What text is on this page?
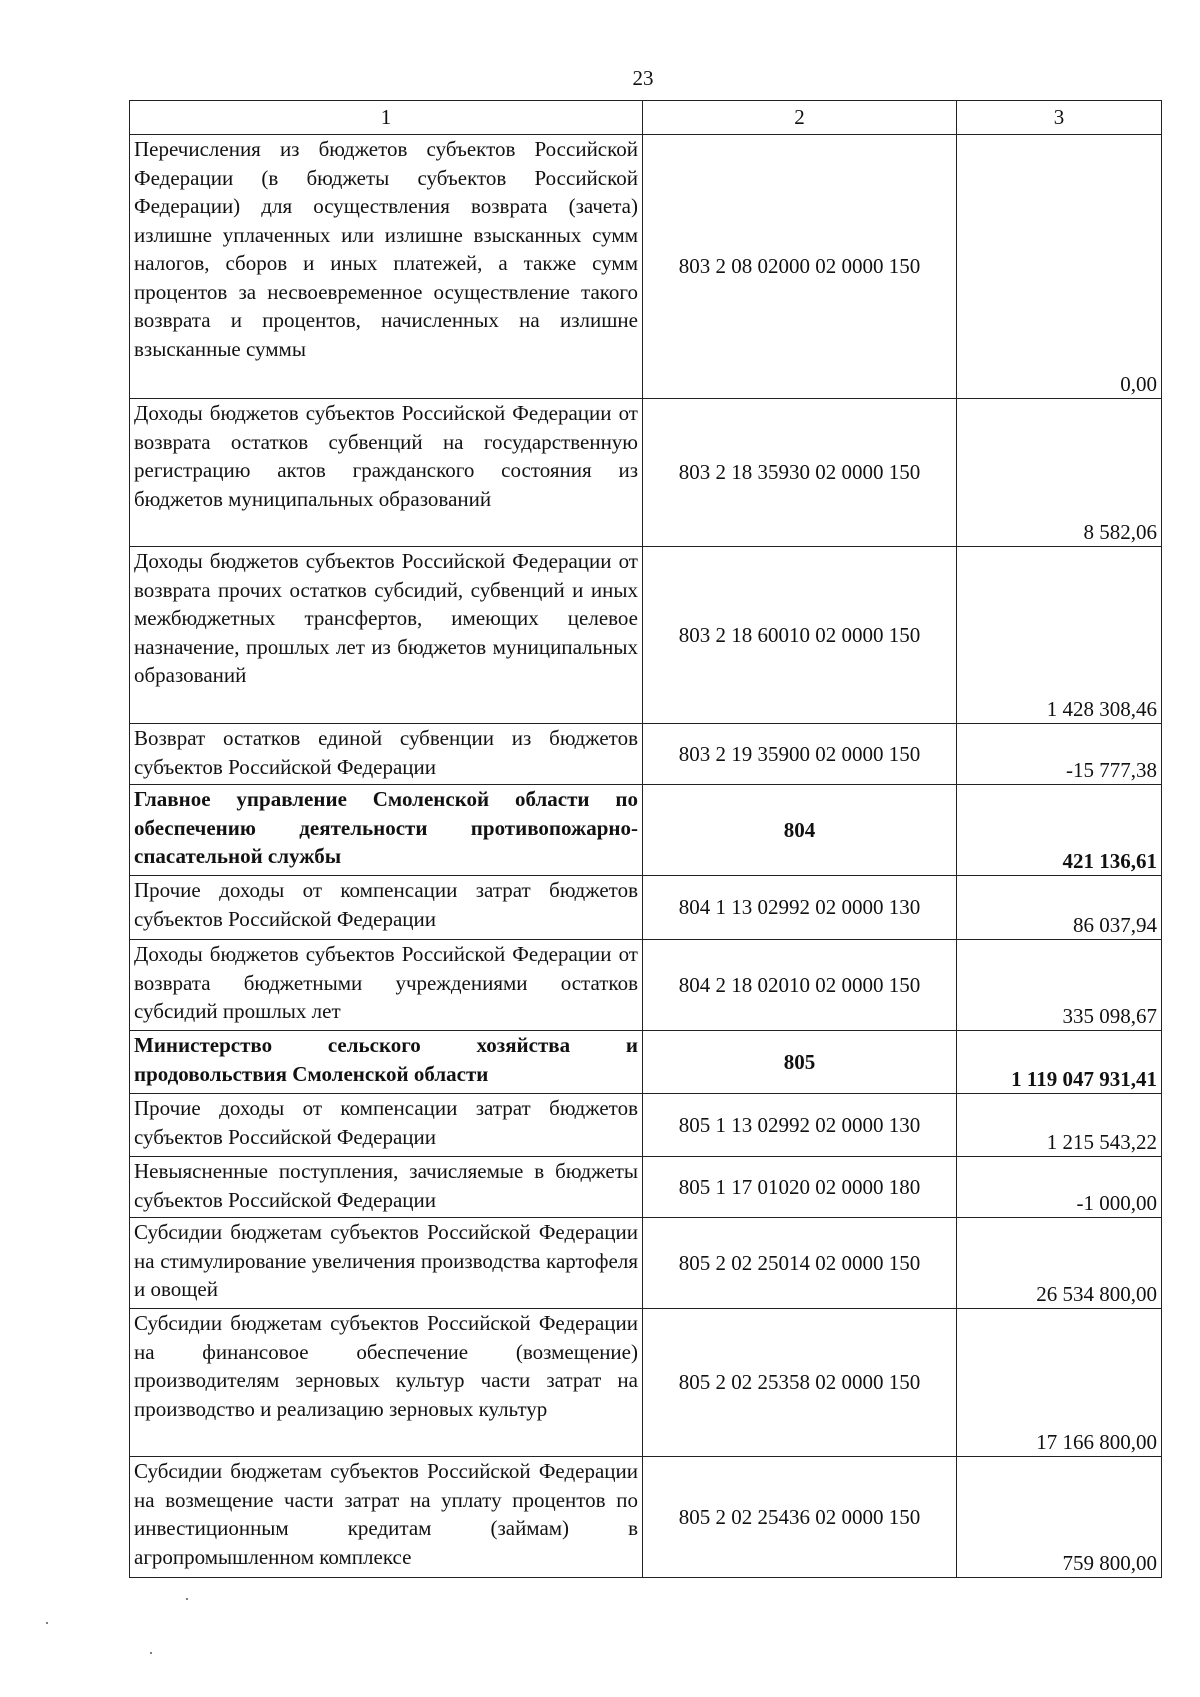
23
1	2	3
Перечисления из бюджетов субъектов Российской Федерации (в бюджеты субъектов Российской Федерации) для осуществления возврата (зачета) излишне уплаченных или излишне взысканных сумм налогов, сборов и иных платежей, а также сумм процентов за несвоевременное осуществление такого возврата и процентов, начисленных на излишне взысканные суммы	803 2 08 02000 02 0000 150	0,00
Доходы бюджетов субъектов Российской Федерации от возврата остатков субвенций на государственную регистрацию актов гражданского состояния из бюджетов муниципальных образований	803 2 18 35930 02 0000 150	8 582,06
Доходы бюджетов субъектов Российской Федерации от возврата прочих остатков субсидий, субвенций и иных межбюджетных трансфертов, имеющих целевое назначение, прошлых лет из бюджетов муниципальных образований	803 2 18 60010 02 0000 150	1 428 308,46
Возврат остатков единой субвенции из бюджетов субъектов Российской Федерации	803 2 19 35900 02 0000 150	-15 777,38
Главное управление Смоленской области по обеспечению деятельности противопожарно-спасательной службы	804	421 136,61
Прочие доходы от компенсации затрат бюджетов субъектов Российской Федерации	804 1 13 02992 02 0000 130	86 037,94
Доходы бюджетов субъектов Российской Федерации от возврата бюджетными учреждениями остатков субсидий прошлых лет	804 2 18 02010 02 0000 150	335 098,67
Министерство сельского хозяйства и продовольствия Смоленской области	805	1 119 047 931,41
Прочие доходы от компенсации затрат бюджетов субъектов Российской Федерации	805 1 13 02992 02 0000 130	1 215 543,22
Невыясненные поступления, зачисляемые в бюджеты субъектов Российской Федерации	805 1 17 01020 02 0000 180	-1 000,00
Субсидии бюджетам субъектов Российской Федерации на стимулирование увеличения производства картофеля и овощей	805 2 02 25014 02 0000 150	26 534 800,00
Субсидии бюджетам субъектов Российской Федерации на финансовое обеспечение (возмещение) производителям зерновых культур части затрат на производство и реализацию зерновых культур	805 2 02 25358 02 0000 150	17 166 800,00
Субсидии бюджетам субъектов Российской Федерации на возмещение части затрат на уплату процентов по инвестиционным кредитам (займам) в агропромышленном комплексе	805 2 02 25436 02 0000 150	759 800,00
